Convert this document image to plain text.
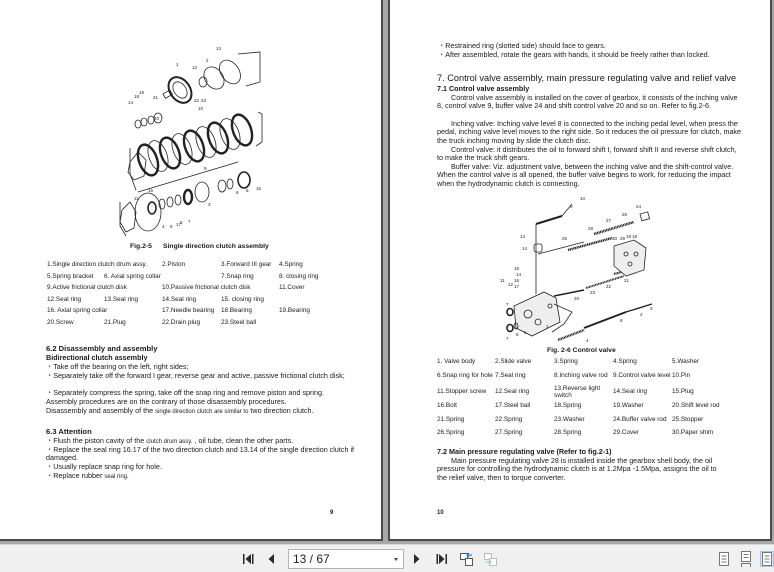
13
2
1
12
19
18	21
14
20
22 23
10
9
16
8 6
3
15
11
17
4 5
6 7
Fig.2-5 Single direction clutch assembly
1.Single direction clutch drum assy.		2.Piston	3.Forward III gear	4.Spring
5.Spring bracket	6. Axial spring collar		7.Snap ring	8. closing ring
9.Active frictional clutch disk		10.Passive frictional clutch disk		11.Cover
12.Seal ring	13.Seal ring	14.Seal ring	15. closing ring	
16. Axial spring collar		17.Needle bearing	18.Bearing	19.Bearing
20.Screw	21.Plug	22.Drain plug	23.Steel ball	
6.2 Disassembly and assembly
Bidirectional clutch assembly
・Take off the bearing on the left, right sides;
・Separately take off the forward I gear, reverse gear and active, passive frictional clutch disk;
・Separately compress the spring, take off the snap ring and remove piston and spring.
Assembly procedures are on the contrary of those disassembly procedures.
Disassembly and assembly of the single direction clutch are similar to two direction clutch.
6.3 Attention
・Flush the piston cavity of the clutch drum assy. , oil tube, clean the other parts.
・Replace the seal ring 16.17 of the two direction clutch and 13.14 of the single direction clutch if damaged.
・Usually replace snap ring for hole.
・Replace rubber seal ring.
9
・Restrained ring (slotted side) should face to gears.
・After assembled, rotate the gears with hands, it should be freely rather than locked.
7. Control valve assembly, main pressure regulating valve and relief valve
7.1 Control valve assembly
Control valve assembly is installed on the cover of gearbox, it consists of the inching valve 8, control valve 9, buffer valve 24 and shift control valve 20 and so on. Refer to fig.2-6.
Inching valve: Inching valve level 8 is connected to the inching pedal level, when press the pedal, inching valve level moves to the right side. So it reduces the oil pressure for clutch, make the truck inching moving by slide the clutch disc.
Control valve: it distributes the oil to forward shift I, forward shift II and reverse shift clutch, to make the truck shift gears.
Buffer valve: Viz. adjustment valve, between the inching valve and the shift-control valve. When the control valve is all opened, the buffer valve begins to work, for reducing the impact when the hydrodynamic clutch is connecting.
10
9	24
26
27
28
25
13
14
30 29 19 18
15
14
16
17
11
12
21
22
23
20
7
7
6 5
1
4
8
2
3
Fig. 2-6 Control valve
1. Valve body	2.Slide valve	3.Spring	4.Spring	5.Washer
6.Snap ring for hole	7.Seal ring	8.Inching valve rod	9.Control valve level	10.Pin
11.Stopper screw	12.Seal ring	13.Reverse light switch	14.Seal ring	15.Plug
16.Bolt	17.Steel ball	18.Spring	19.Washer	20.Shift level rod
21.Spring	22.Spring	23.Washer	24.Buffer valve rod	25.Stopper
26.Spring	27.Spring	28.Spring	29.Cover	30.Paper shim
7.2 Main pressure regulating valve (Refer to fig.2-1)
Main pressure regulating valve 28 is installed inside the gearbox shell body, the oil pressure for controlling the hydrodynamic clutch is at 1.2Mpa -1.5Mpa, assigns the oil to the relief valve, then to torque converter.
10
13 / 67
